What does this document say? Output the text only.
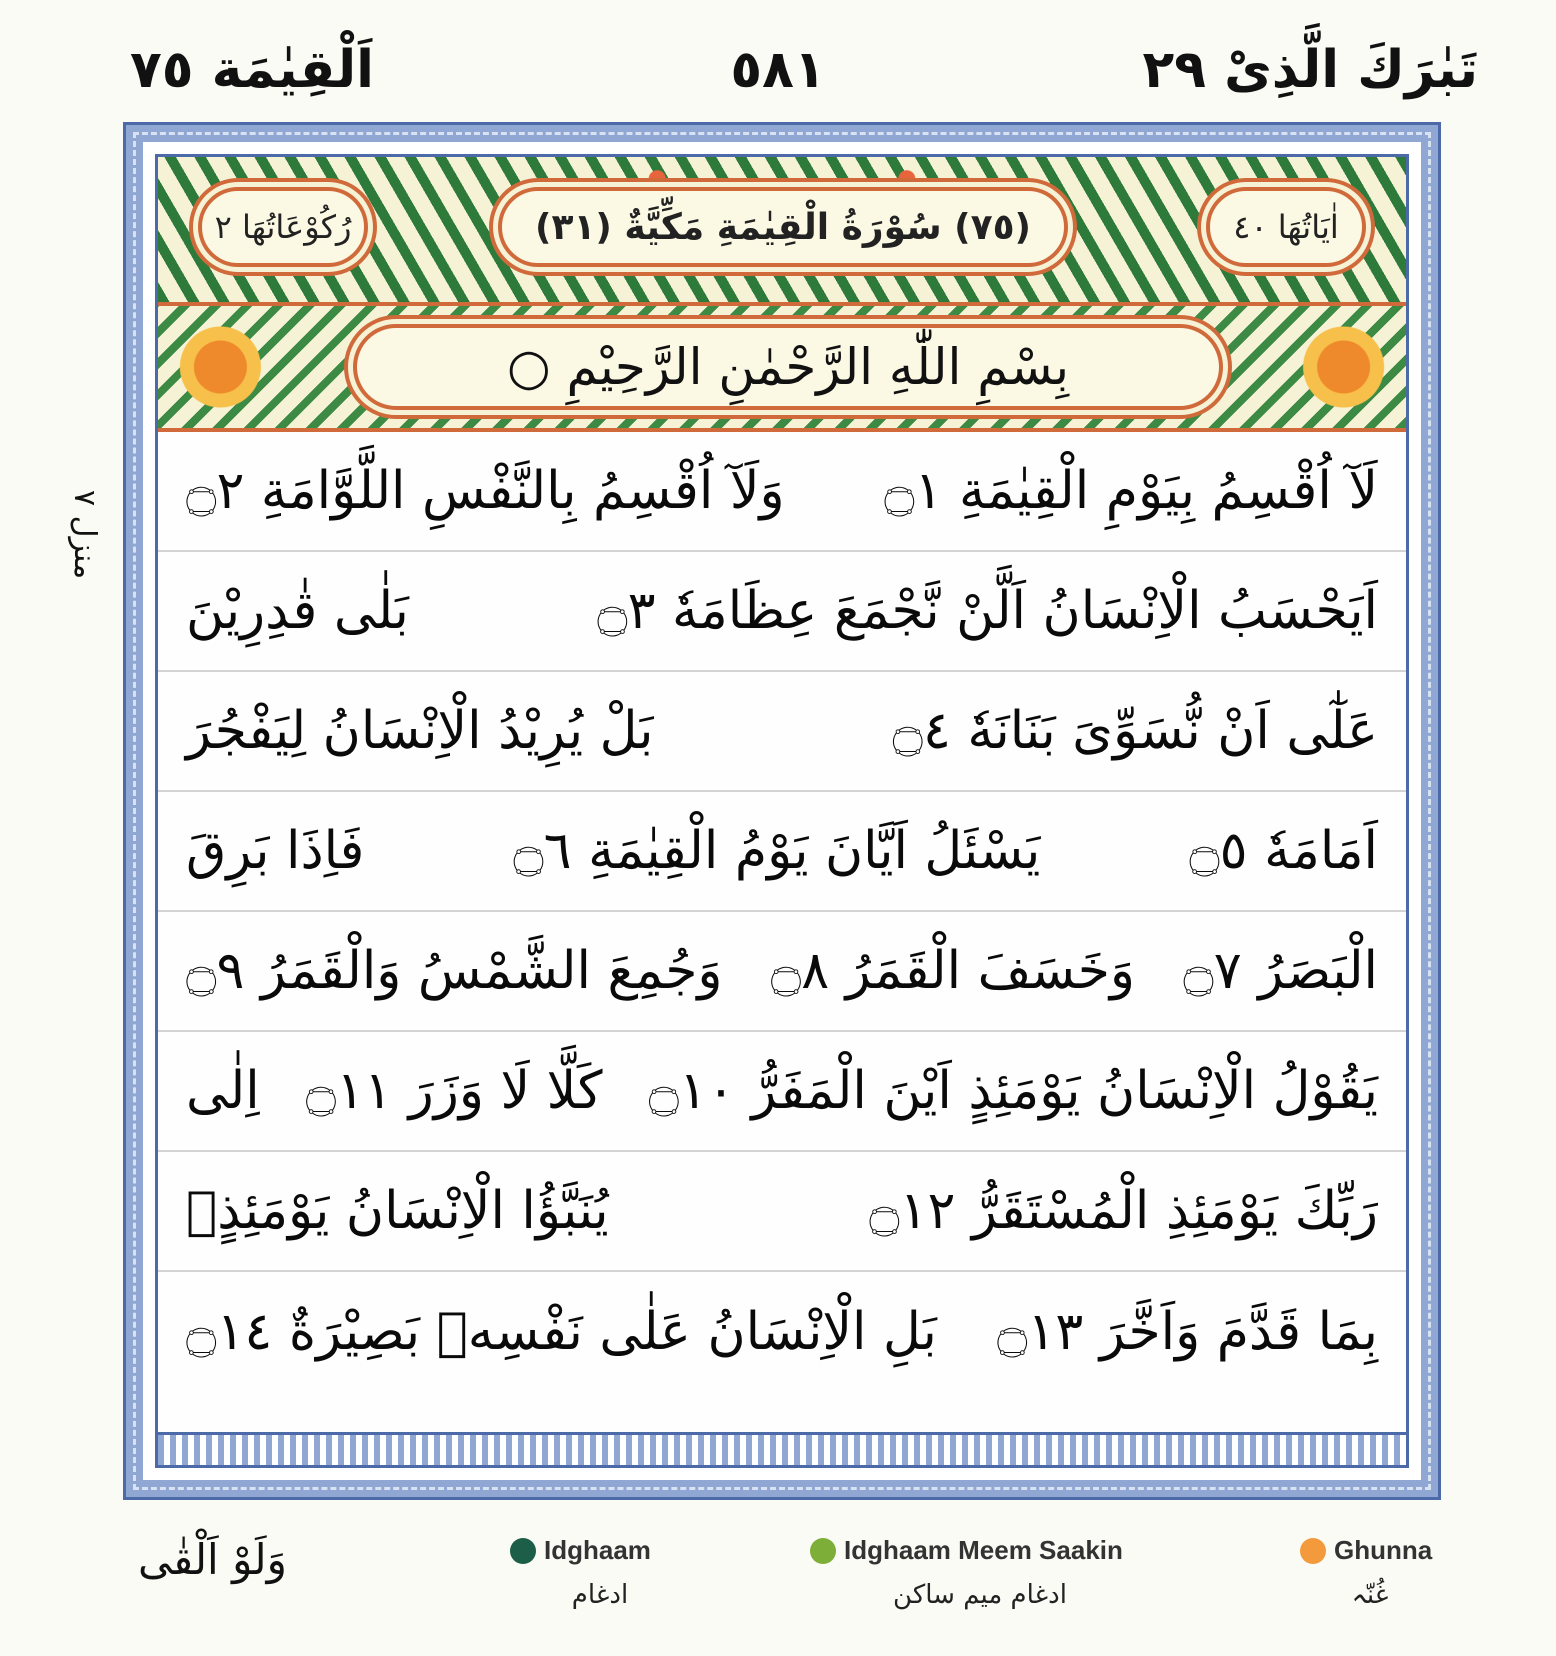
تَبٰرَكَ الَّذِىْ ٢٩
٥٨١
اَلْقِيٰمَة ٧٥
منزل ٧
رُكُوْعَاتُهَا ٢	(٧٥) سُوْرَةُ الْقِيٰمَةِ مَكِّيَّةٌ (٣١)	اٰيَاتُهَا ٤٠
بِسْمِ اللّٰهِ الرَّحْمٰنِ الرَّحِيْمِ ○
لَآ اُقْسِمُ بِيَوْمِ الْقِيٰمَةِ ۝١
وَلَآ اُقْسِمُ بِالنَّفْسِ اللَّوَّامَةِ ۝٢
اَيَحْسَبُ الْاِنْسَانُ اَلَّنْ نَّجْمَعَ عِظَامَهٗ ۝٣
بَلٰى قٰدِرِيْنَ
عَلٰٓى اَنْ نُّسَوِّىَ بَنَانَهٗ ۝٤
بَلْ يُرِيْدُ الْاِنْسَانُ لِيَفْجُرَ
اَمَامَهٗ ۝٥
يَسْئَلُ اَيَّانَ يَوْمُ الْقِيٰمَةِ ۝٦
فَاِذَا بَرِقَ
الْبَصَرُ ۝٧
وَخَسَفَ الْقَمَرُ ۝٨
وَجُمِعَ الشَّمْسُ وَالْقَمَرُ ۝٩
يَقُوْلُ الْاِنْسَانُ يَوْمَئِذٍ اَيْنَ الْمَفَرُّ ۝١٠
كَلَّا لَا وَزَرَ ۝١١
اِلٰى
رَبِّكَ يَوْمَئِذِ الْمُسْتَقَرُّ ۝١٢
يُنَبَّؤُا الْاِنْسَانُ يَوْمَئِذٍۭ
بِمَا قَدَّمَ وَاَخَّرَ ۝١٣
بَلِ الْاِنْسَانُ عَلٰى نَفْسِهٖ بَصِيْرَةٌ ۝١٤
وَلَوْ اَلْقٰى	Idghaam
ادغام
Idghaam Meem Saakin
ادغام میم ساکن
Ghunna
غُنّہ
